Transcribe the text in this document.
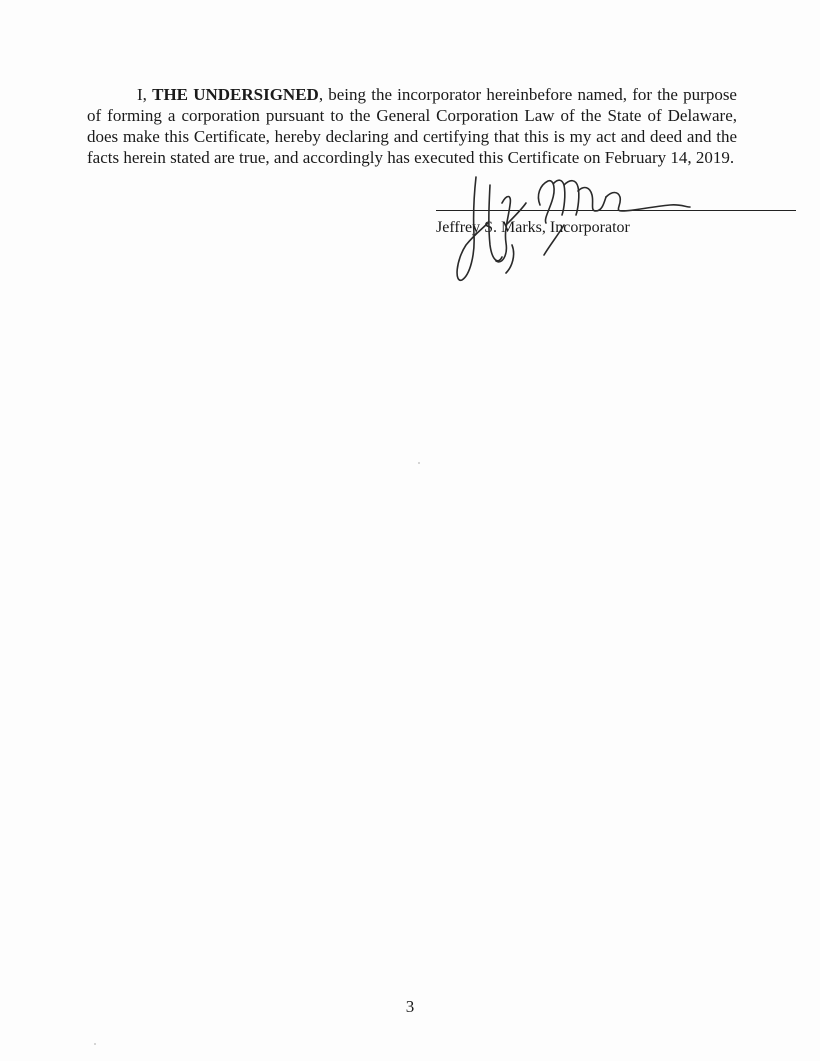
I, THE UNDERSIGNED, being the incorporator hereinbefore named, for the purpose of forming a corporation pursuant to the General Corporation Law of the State of Delaware, does make this Certificate, hereby declaring and certifying that this is my act and deed and the facts herein stated are true, and accordingly has executed this Certificate on February 14, 2019.

Jeffrey S. Marks, Incorporator
3
